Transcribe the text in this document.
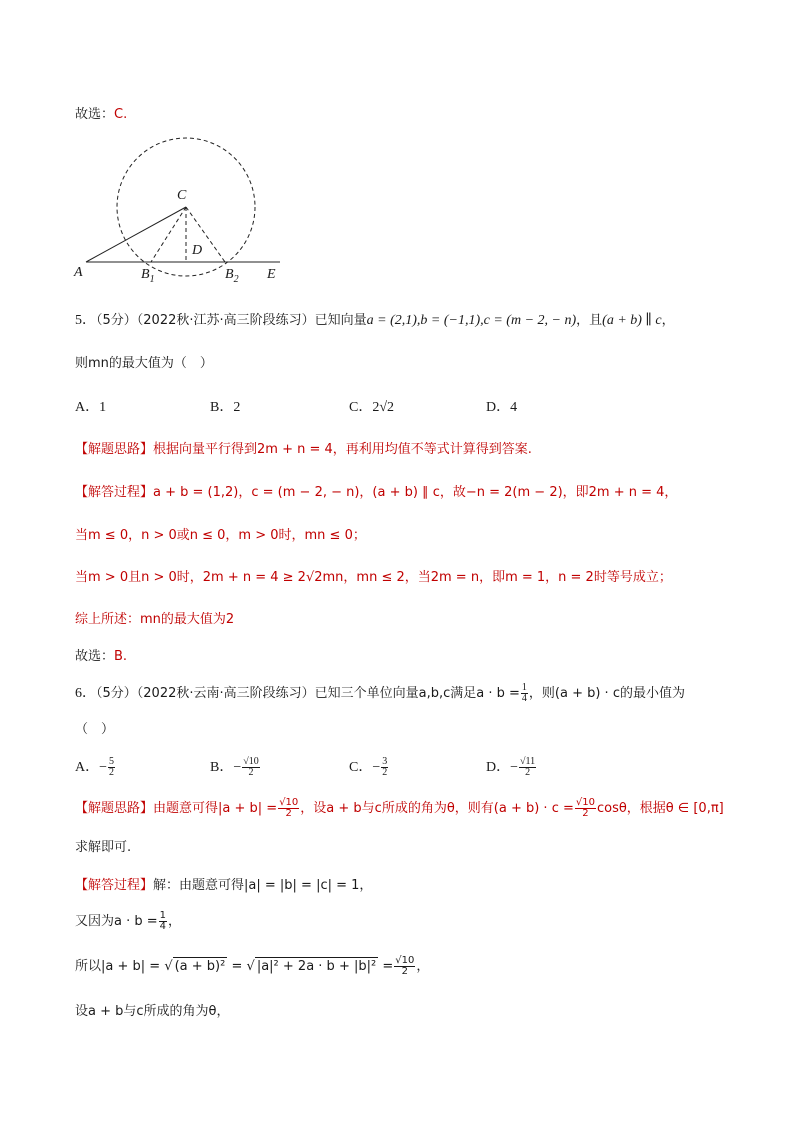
故选：C.
A
C
D
$B_1$	$B_2$ E
5．（5分）（2022秋·江苏·高三阶段练习）已知向量a = (2,1),b = (−1,1),c = (m − 2, − n)，且(a + b) ∥ c，
则mn的最大值为（　）
A．1	B．2	C．2√2	D．4
【解题思路】根据向量平行得到2m + n = 4，再利用均值不等式计算得到答案.
【解答过程】a + b = (1,2)，c = (m − 2, − n)，(a + b) ∥ c，故−n = 2(m − 2)，即2m + n = 4，
当m ≤ 0，n > 0或n ≤ 0，m > 0时，mn ≤ 0；
当m > 0且n > 0时，2m + n = 4 ≥ 2√2mn，mn ≤ 2，当2m = n，即m = 1，n = 2时等号成立；
综上所述：mn的最大值为2
故选：B.
6．（5分）（2022秋·云南·高三阶段练习）已知三个单位向量a,b,c满足$a \cdot b = \frac{1}{4}$ ，则(a + b) · c的最小值为
（　）
A．− $\frac{5}{2}$	B．− $\frac{√10}{2}$	C．− $\frac{3}{2}$	D．− $\frac{√11}{2}$
【解题思路】由题意可得$|a + b| = \frac{√10}{2}$ ，设a + b与c所成的角为θ，则有$(a + b) \cdot c = \frac{√10}{2}$ cosθ，根据θ ∈ [0,π]
求解即可.
【解答过程】解：由题意可得|a| = |b| = |c| = 1，
又因为$a \cdot b = \frac{1}{4}$ ，
所以|a + b| = √ (a + b)² = √ $|a|^2 + 2a \cdot b + |b|^2 = \frac{√10}{2}$ ，
设a + b与c所成的角为θ，
